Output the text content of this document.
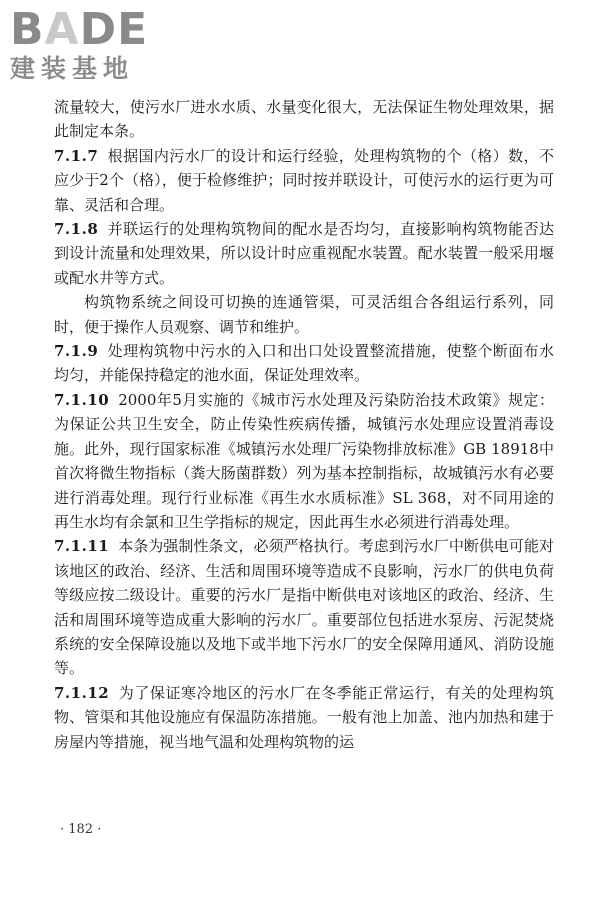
BADE
建装基地

流量较大，使污水厂进水水质、水量变化很大，无法保证生物处理效果，据此制定本条。

7.1.7 根据国内污水厂的设计和运行经验，处理构筑物的个（格）数，不应少于2个（格），便于检修维护；同时按并联设计，可使污水的运行更为可靠、灵活和合理。

7.1.8 并联运行的处理构筑物间的配水是否均匀，直接影响构筑物能否达到设计流量和处理效果，所以设计时应重视配水装置。配水装置一般采用堰或配水井等方式。

构筑物系统之间设可切换的连通管渠，可灵活组合各组运行系列，同时，便于操作人员观察、调节和维护。

7.1.9 处理构筑物中污水的入口和出口处设置整流措施，使整个断面布水均匀，并能保持稳定的池水面，保证处理效率。

7.1.10 2000年5月实施的《城市污水处理及污染防治技术政策》规定：为保证公共卫生安全，防止传染性疾病传播，城镇污水处理应设置消毒设施。此外，现行国家标准《城镇污水处理厂污染物排放标准》GB 18918中首次将微生物指标（粪大肠菌群数）列为基本控制指标，故城镇污水有必要进行消毒处理。现行行业标准《再生水水质标准》SL 368，对不同用途的再生水均有余氯和卫生学指标的规定，因此再生水必须进行消毒处理。

7.1.11 本条为强制性条文，必须严格执行。考虑到污水厂中断供电可能对该地区的政治、经济、生活和周围环境等造成不良影响，污水厂的供电负荷等级应按二级设计。重要的污水厂是指中断供电对该地区的政治、经济、生活和周围环境等造成重大影响的污水厂。重要部位包括进水泵房、污泥焚烧系统的安全保障设施以及地下或半地下污水厂的安全保障用通风、消防设施等。

7.1.12 为了保证寒冷地区的污水厂在冬季能正常运行，有关的处理构筑物、管渠和其他设施应有保温防冻措施。一般有池上加盖、池内加热和建于房屋内等措施，视当地气温和处理构筑物的运

· 182 ·
